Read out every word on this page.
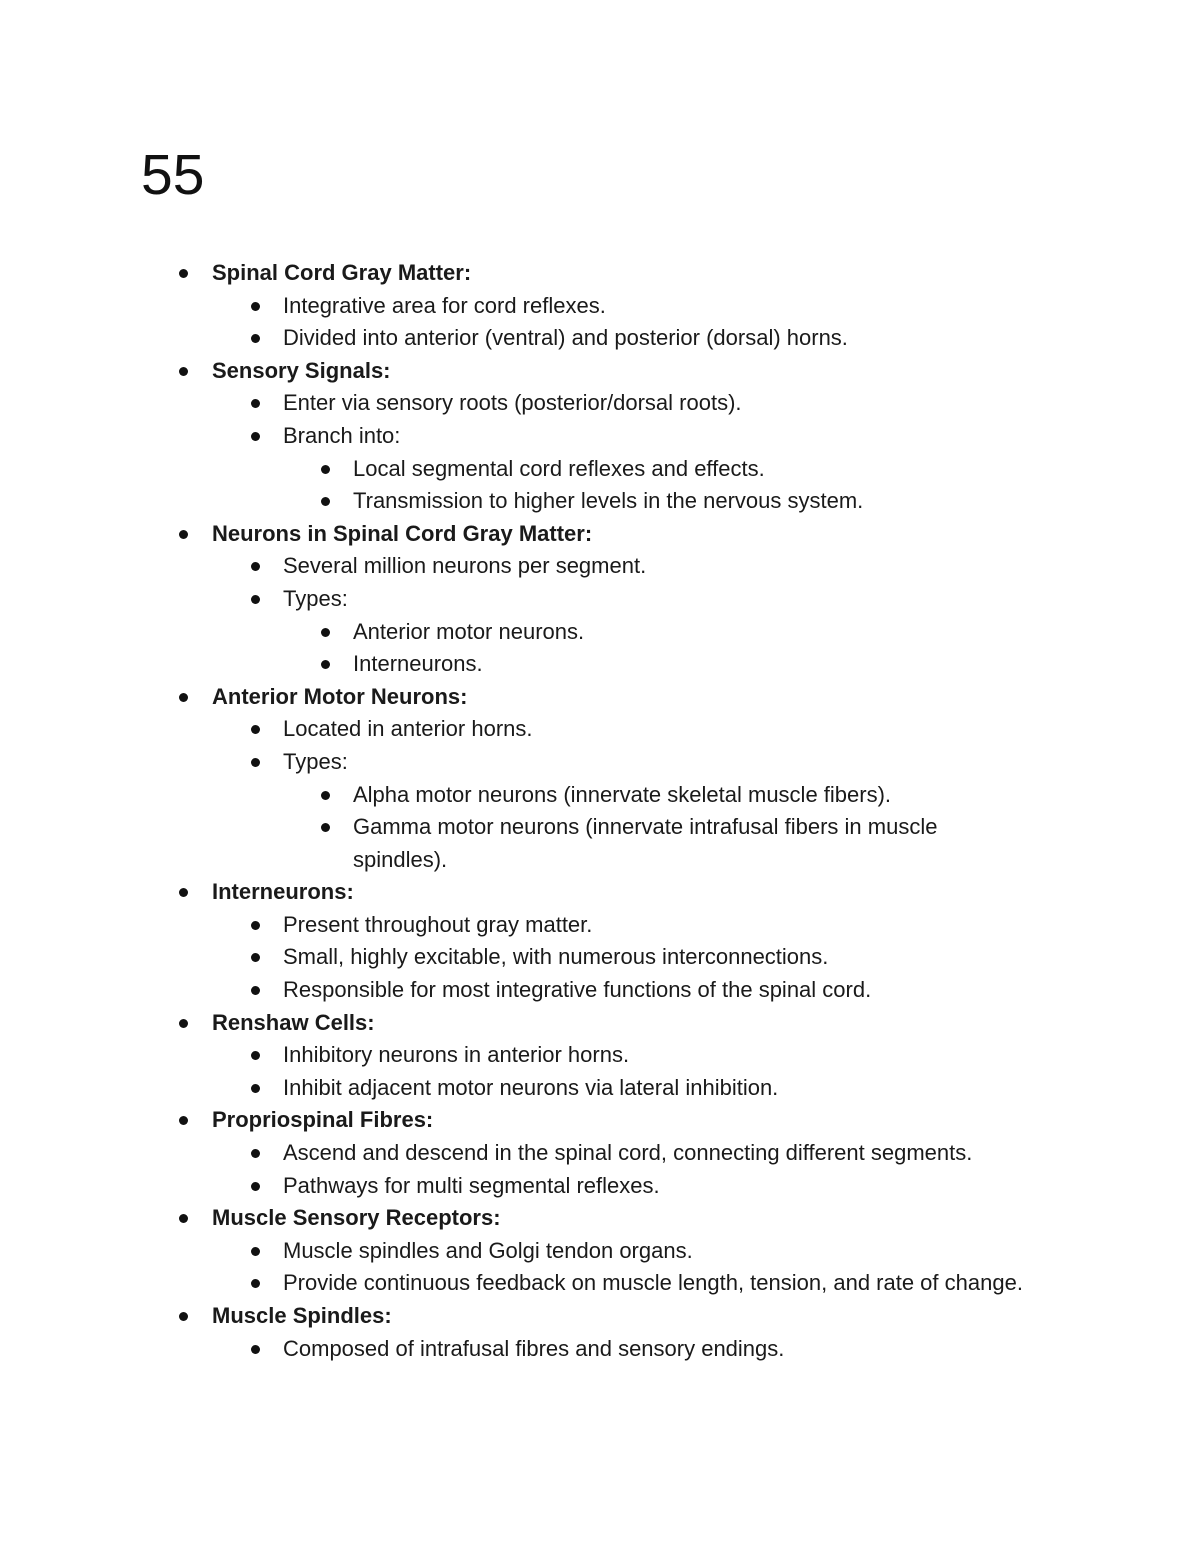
55
Spinal Cord Gray Matter:
Integrative area for cord reflexes.
Divided into anterior (ventral) and posterior (dorsal) horns.
Sensory Signals:
Enter via sensory roots (posterior/dorsal roots).
Branch into:
Local segmental cord reflexes and effects.
Transmission to higher levels in the nervous system.
Neurons in Spinal Cord Gray Matter:
Several million neurons per segment.
Types:
Anterior motor neurons.
Interneurons.
Anterior Motor Neurons:
Located in anterior horns.
Types:
Alpha motor neurons (innervate skeletal muscle fibers).
Gamma motor neurons (innervate intrafusal fibers in muscle spindles).
Interneurons:
Present throughout gray matter.
Small, highly excitable, with numerous interconnections.
Responsible for most integrative functions of the spinal cord.
Renshaw Cells:
Inhibitory neurons in anterior horns.
Inhibit adjacent motor neurons via lateral inhibition.
Propriospinal Fibres:
Ascend and descend in the spinal cord, connecting different segments.
Pathways for multi segmental reflexes.
Muscle Sensory Receptors:
Muscle spindles and Golgi tendon organs.
Provide continuous feedback on muscle length, tension, and rate of change.
Muscle Spindles:
Composed of intrafusal fibres and sensory endings.
